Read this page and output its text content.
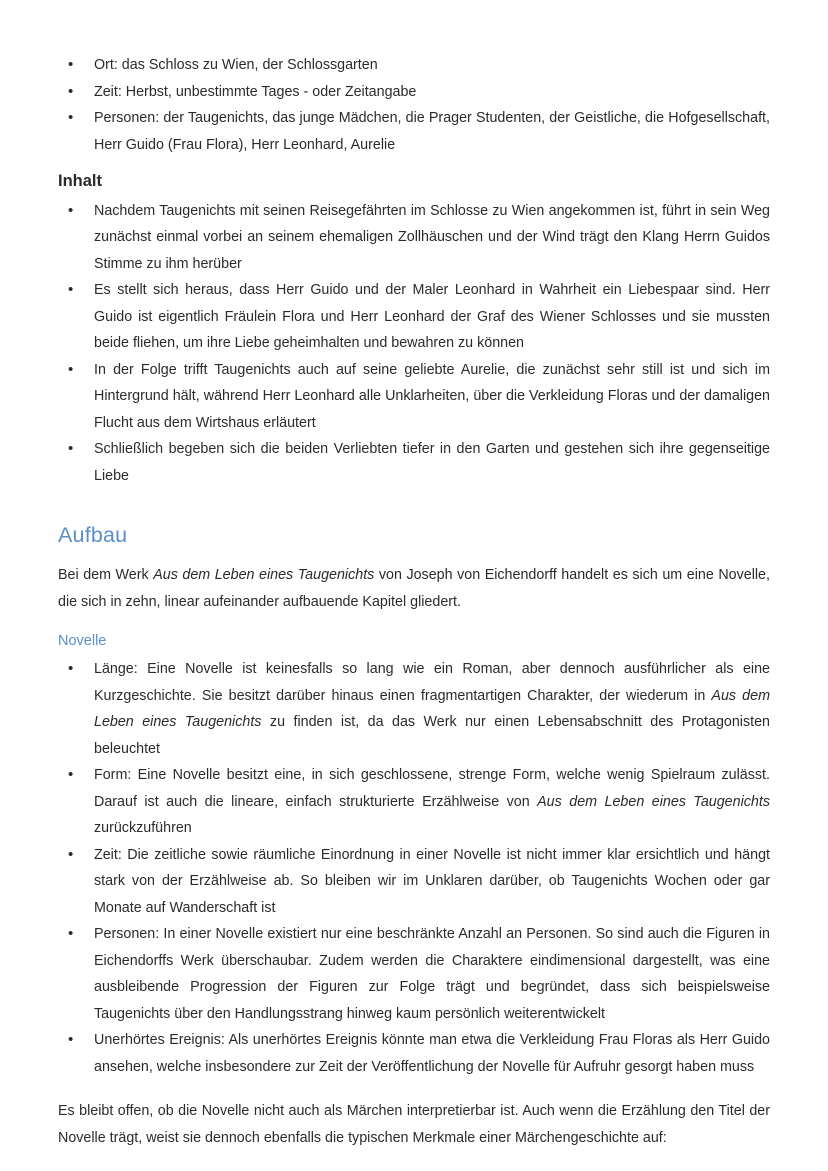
• Ort: das Schloss zu Wien, der Schlossgarten
• Zeit: Herbst, unbestimmte Tages - oder Zeitangabe
• Personen: der Taugenichts, das junge Mädchen, die Prager Studenten, der Geistliche, die Hofgesellschaft, Herr Guido (Frau Flora), Herr Leonhard, Aurelie
Inhalt
• Nachdem Taugenichts mit seinen Reisegefährten im Schlosse zu Wien angekommen ist, führt in sein Weg zunächst einmal vorbei an seinem ehemaligen Zollhäuschen und der Wind trägt den Klang Herrn Guidos Stimme zu ihm herüber
• Es stellt sich heraus, dass Herr Guido und der Maler Leonhard in Wahrheit ein Liebespaar sind. Herr Guido ist eigentlich Fräulein Flora und Herr Leonhard der Graf des Wiener Schlosses und sie mussten beide fliehen, um ihre Liebe geheimhalten und bewahren zu können
• In der Folge trifft Taugenichts auch auf seine geliebte Aurelie, die zunächst sehr still ist und sich im Hintergrund hält, während Herr Leonhard alle Unklarheiten, über die Verkleidung Floras und der damaligen Flucht aus dem Wirtshaus erläutert
• Schließlich begeben sich die beiden Verliebten tiefer in den Garten und gestehen sich ihre gegenseitige Liebe
Aufbau

Bei dem Werk Aus dem Leben eines Taugenichts von Joseph von Eichendorff handelt es sich um eine Novelle, die sich in zehn, linear aufeinander aufbauende Kapitel gliedert.

Novelle
• Länge: Eine Novelle ist keinesfalls so lang wie ein Roman, aber dennoch ausführlicher als eine Kurzgeschichte. Sie besitzt darüber hinaus einen fragmentartigen Charakter, der wiederum in Aus dem Leben eines Taugenichts zu finden ist, da das Werk nur einen Lebensabschnitt des Protagonisten beleuchtet
• Form: Eine Novelle besitzt eine, in sich geschlossene, strenge Form, welche wenig Spielraum zulässt. Darauf ist auch die lineare, einfach strukturierte Erzählweise von Aus dem Leben eines Taugenichts zurückzuführen
• Zeit: Die zeitliche sowie räumliche Einordnung in einer Novelle ist nicht immer klar ersichtlich und hängt stark von der Erzählweise ab. So bleiben wir im Unklaren darüber, ob Taugenichts Wochen oder gar Monate auf Wanderschaft ist
• Personen: In einer Novelle existiert nur eine beschränkte Anzahl an Personen. So sind auch die Figuren in Eichendorffs Werk überschaubar. Zudem werden die Charaktere eindimensional dargestellt, was eine ausbleibende Progression der Figuren zur Folge trägt und begründet, dass sich beispielsweise Taugenichts über den Handlungsstrang hinweg kaum persönlich weiterentwickelt
• Unerhörtes Ereignis: Als unerhörtes Ereignis könnte man etwa die Verkleidung Frau Floras als Herr Guido ansehen, welche insbesondere zur Zeit der Veröffentlichung der Novelle für Aufruhr gesorgt haben muss

Es bleibt offen, ob die Novelle nicht auch als Märchen interpretierbar ist. Auch wenn die Erzählung den Titel der Novelle trägt, weist sie dennoch ebenfalls die typischen Merkmale einer Märchengeschichte auf:
